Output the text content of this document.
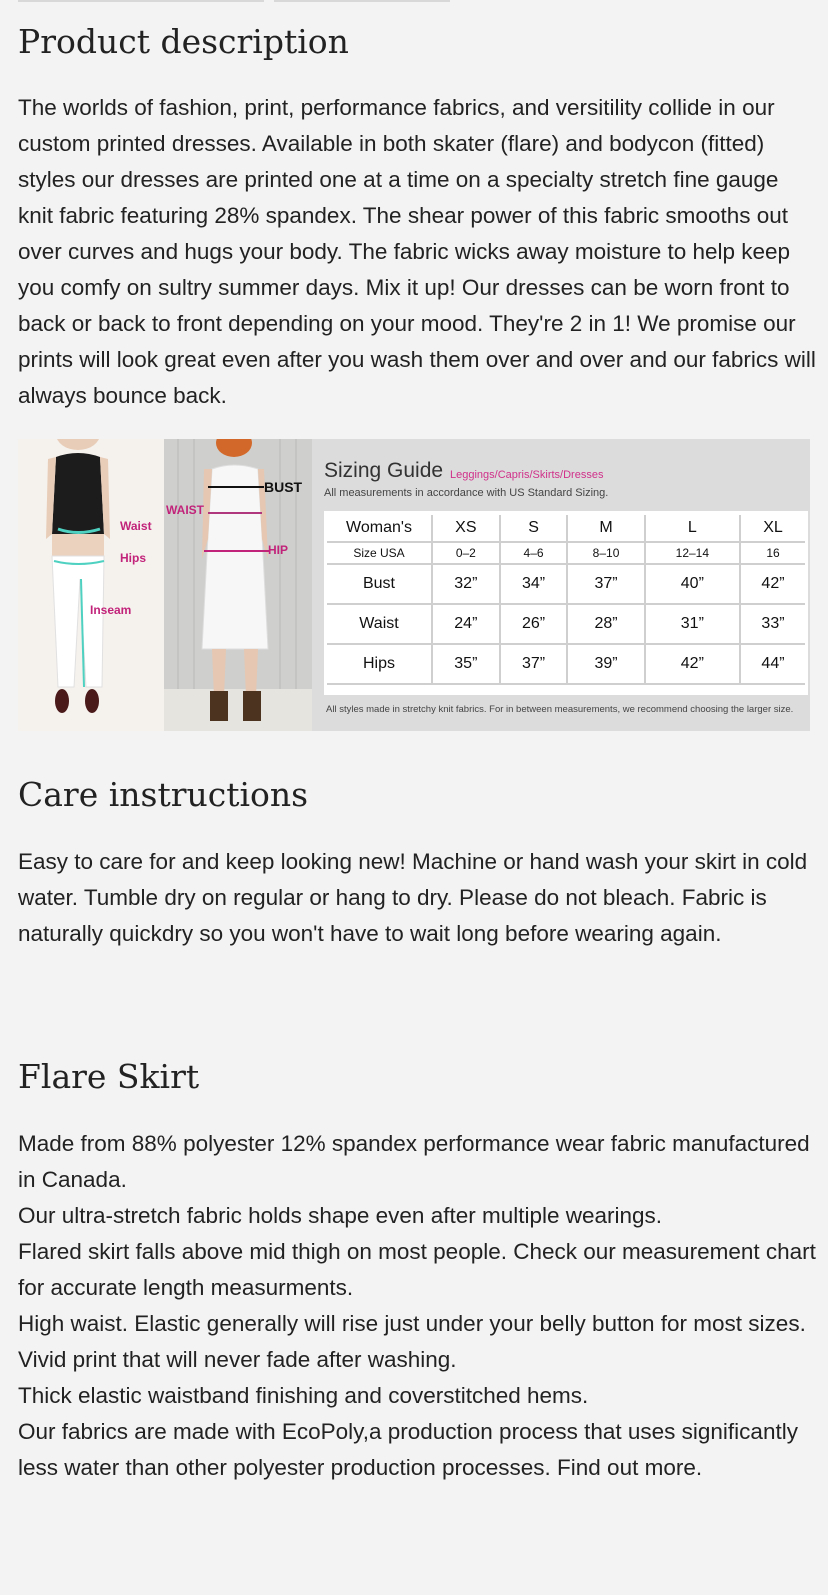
Product description

The worlds of fashion, print, performance fabrics, and versitility collide in our custom printed dresses. Available in both skater (flare) and bodycon (fitted) styles our dresses are printed one at a time on a specialty stretch fine gauge knit fabric featuring 28% spandex. The shear power of this fabric smooths out over curves and hugs your body. The fabric wicks away moisture to help keep you comfy on sultry summer days. Mix it up! Our dresses can be worn front to back or back to front depending on your mood. They're 2 in 1! We promise our prints will look great even after you wash them over and over and our fabrics will always bounce back.

Waist
Hips
Inseam
WAIST
BUST
HIP
Sizing Guide Leggings/Capris/Skirts/Dresses
All measurements in accordance with US Standard Sizing.
Woman's	XS	S	M	L	XL
Size USA	0–2	4–6	8–10	12–14	16
Bust	32”	34”	37”	40”	42”
Waist	24”	26”	28”	31”	33”
Hips	35”	37”	39”	42”	44”
All styles made in stretchy knit fabrics. For in between measurements, we recommend choosing the larger size.
Care instructions

Easy to care for and keep looking new! Machine or hand wash your skirt in cold water. Tumble dry on regular or hang to dry. Please do not bleach. Fabric is naturally quickdry so you won't have to wait long before wearing again.

Flare Skirt

Made from 88% polyester 12% spandex performance wear fabric manufactured in Canada.

Our ultra-stretch fabric holds shape even after multiple wearings.

Flared skirt falls above mid thigh on most people. Check our measurement chart for accurate length measurments.

High waist. Elastic generally will rise just under your belly button for most sizes.

Vivid print that will never fade after washing.

Thick elastic waistband finishing and coverstitched hems.

Our fabrics are made with EcoPoly,a production process that uses significantly less water than other polyester production processes. Find out more.
